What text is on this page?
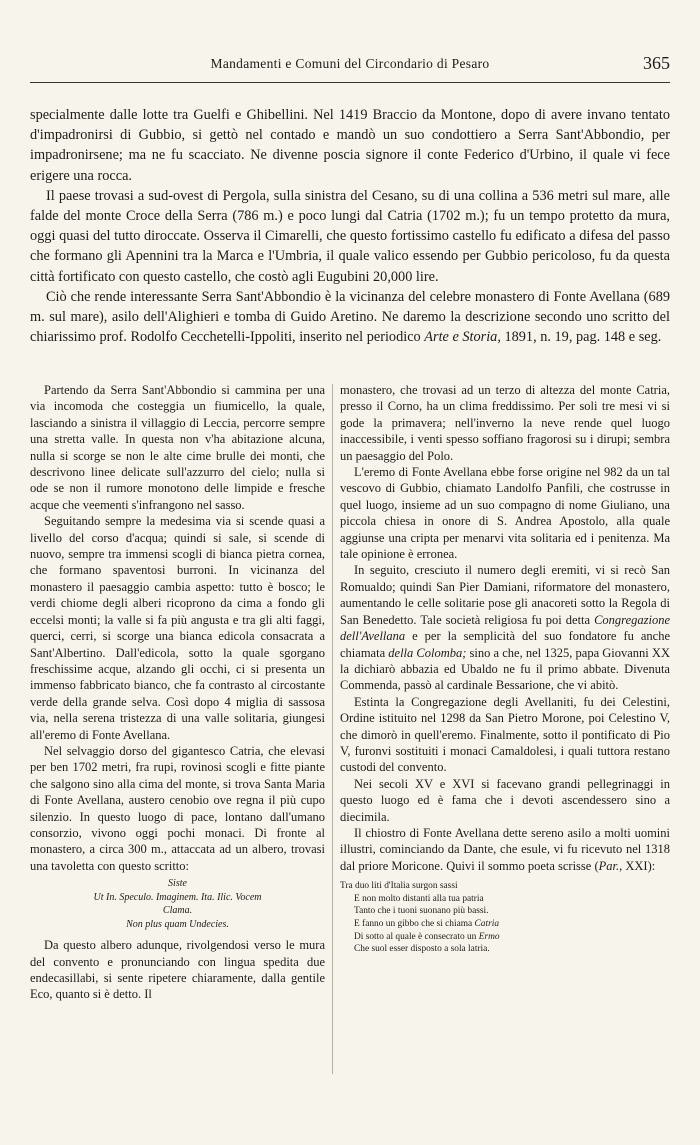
Mandamenti e Comuni del Circondario di Pesaro	365

specialmente dalle lotte tra Guelfi e Ghibellini. Nel 1419 Braccio da Montone, dopo di avere invano tentato d'impadronirsi di Gubbio, si gettò nel contado e mandò un suo condottiero a Serra Sant'Abbondio, per impadronirsene; ma ne fu scacciato. Ne divenne poscia signore il conte Federico d'Urbino, il quale vi fece erigere una rocca.

Il paese trovasi a sud-ovest di Pergola, sulla sinistra del Cesano, su di una collina a 536 metri sul mare, alle falde del monte Croce della Serra (786 m.) e poco lungi dal Catria (1702 m.); fu un tempo protetto da mura, oggi quasi del tutto diroccate. Osserva il Cimarelli, che questo fortissimo castello fu edificato a difesa del passo che formano gli Apennini tra la Marca e l'Umbria, il quale valico essendo per Gubbio pericoloso, fu da questa città fortificato con questo castello, che costò agli Eugubini 20,000 lire.

Ciò che rende interessante Serra Sant'Abbondio è la vicinanza del celebre monastero di Fonte Avellana (689 m. sul mare), asilo dell'Alighieri e tomba di Guido Aretino. Ne daremo la descrizione secondo uno scritto del chiarissimo prof. Rodolfo Cecchetelli-Ippoliti, inserito nel periodico Arte e Storia, 1891, n. 19, pag. 148 e seg.

Partendo da Serra Sant'Abbondio si cammina per una via incomoda che costeggia un fiumicello, la quale, lasciando a sinistra il villaggio di Leccia, percorre sempre una stretta valle. In questa non v'ha abitazione alcuna, nulla si scorge se non le alte cime brulle dei monti, che descrivono linee delicate sull'azzurro del cielo; nulla si ode se non il rumore monotono delle limpide e fresche acque che veementi s'infrangono nel sasso.

Seguitando sempre la medesima via si scende quasi a livello del corso d'acqua; quindi si sale, si scende di nuovo, sempre tra immensi scogli di bianca pietra cornea, che formano spaventosi burroni. In vicinanza del monastero il paesaggio cambia aspetto: tutto è bosco; le verdi chiome degli alberi ricoprono da cima a fondo gli eccelsi monti; la valle si fa più angusta e tra gli alti faggi, querci, cerri, si scorge una bianca edicola consacrata a Sant'Albertino. Dall'edicola, sotto la quale sgorgano freschissime acque, alzando gli occhi, ci si presenta un immenso fabbricato bianco, che fa contrasto al circostante verde della grande selva. Così dopo 4 miglia di sassosa via, nella serena tristezza di una valle solitaria, giungesi all'eremo di Fonte Avellana.

Nel selvaggio dorso del gigantesco Catria, che elevasi per ben 1702 metri, fra rupi, rovinosi scogli e fitte piante che salgono sino alla cima del monte, si trova Santa Maria di Fonte Avellana, austero cenobio ove regna il più cupo silenzio. In questo luogo di pace, lontano dall'umano consorzio, vivono oggi pochi monaci. Di fronte al monastero, a circa 300 m., attaccata ad un albero, trovasi una tavoletta con questo scritto:

Siste
Ut In. Speculo. Imaginem. Ita. Ilic. Vocem
Clama.
Non plus quam Undecies.

Da questo albero adunque, rivolgendosi verso le mura del convento e pronunciando con lingua spedita due endecasillabi, si sente ripetere chiaramente, dalla gentile Eco, quanto si è detto. Il

monastero, che trovasi ad un terzo di altezza del monte Catria, presso il Corno, ha un clima freddissimo. Per soli tre mesi vi si gode la primavera; nell'inverno la neve rende quel luogo inaccessibile, i venti spesso soffiano fragorosi su i dirupi; sembra un paesaggio del Polo.

L'eremo di Fonte Avellana ebbe forse origine nel 982 da un tal vescovo di Gubbio, chiamato Landolfo Panfili, che costrusse in quel luogo, insieme ad un suo compagno di nome Giuliano, una piccola chiesa in onore di S. Andrea Apostolo, alla quale aggiunse una cripta per menarvi vita solitaria ed i penitenza. Ma tale opinione è erronea.

In seguito, cresciuto il numero degli eremiti, vi si recò San Romualdo; quindi San Pier Damiani, riformatore del monastero, aumentando le celle solitarie pose gli anacoreti sotto la Regola di San Benedetto. Tale società religiosa fu poi detta Congregazione dell'Avellana e per la semplicità del suo fondatore fu anche chiamata della Colomba; sino a che, nel 1325, papa Giovanni XX la dichiarò abbazia ed Ubaldo ne fu il primo abbate. Divenuta Commenda, passò al cardinale Bessarione, che vi abitò.

Estinta la Congregazione degli Avellaniti, fu dei Celestini, Ordine istituito nel 1298 da San Pietro Morone, poi Celestino V, che dimorò in quell'eremo. Finalmente, sotto il pontificato di Pio V, furonvi sostituiti i monaci Camaldolesi, i quali tuttora restano custodi del convento.

Nei secoli XV e XVI si facevano grandi pellegrinaggi in questo luogo ed è fama che i devoti ascendessero sino a diecimila.

Il chiostro di Fonte Avellana dette sereno asilo a molti uomini illustri, cominciando da Dante, che esule, vi fu ricevuto nel 1318 dal priore Moricone. Quivi il sommo poeta scrisse (Par., XXI):

Tra duo liti d'Italia surgon sassi
E non molto distanti alla tua patria
Tanto che i tuoni suonano più bassi.
E fanno un gibbo che si chiama Catria
Di sotto al quale è consecrato un Ermo
Che suol esser disposto a sola latria.
